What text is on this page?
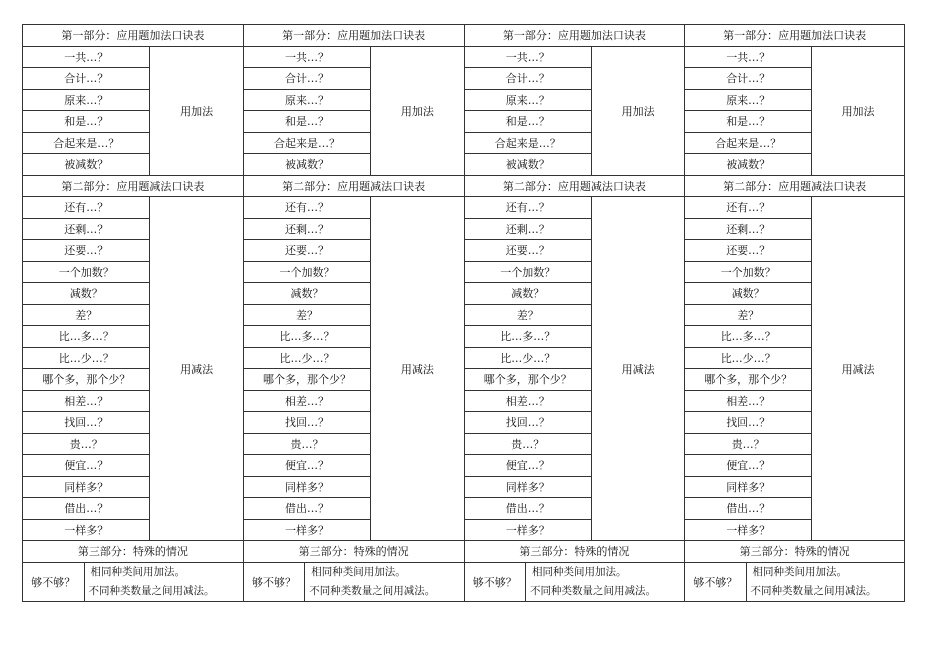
第一部分：应用题加法口诀表
一共…？
合计…？
原来…？
和是…？
合起来是…？
被减数？
用加法
第二部分：应用题减法口诀表
还有…？
还剩…？
还要…？
一个加数？
减数？
差？
比…多…？
比…少…？
哪个多，那个少？
相差…？
找回…？
贵…？
便宜…？
同样多？
借出…？
一样多？
用减法
第三部分：特殊的情况
够不够？
相同种类间用加法。
不同种类数量之间用减法。
第一部分：应用题加法口诀表
一共…？
合计…？
原来…？
和是…？
合起来是…？
被减数？
用加法
第二部分：应用题减法口诀表
还有…？
还剩…？
还要…？
一个加数？
减数？
差？
比…多…？
比…少…？
哪个多，那个少？
相差…？
找回…？
贵…？
便宜…？
同样多？
借出…？
一样多？
用减法
第三部分：特殊的情况
够不够？
相同种类间用加法。
不同种类数量之间用减法。
第一部分：应用题加法口诀表
一共…？
合计…？
原来…？
和是…？
合起来是…？
被减数？
用加法
第二部分：应用题减法口诀表
还有…？
还剩…？
还要…？
一个加数？
减数？
差？
比…多…？
比…少…？
哪个多，那个少？
相差…？
找回…？
贵…？
便宜…？
同样多？
借出…？
一样多？
用减法
第三部分：特殊的情况
够不够？
相同种类间用加法。
不同种类数量之间用减法。
第一部分：应用题加法口诀表
一共…？
合计…？
原来…？
和是…？
合起来是…？
被减数？
用加法
第二部分：应用题减法口诀表
还有…？
还剩…？
还要…？
一个加数？
减数？
差？
比…多…？
比…少…？
哪个多，那个少？
相差…？
找回…？
贵…？
便宜…？
同样多？
借出…？
一样多？
用减法
第三部分：特殊的情况
够不够？
相同种类间用加法。
不同种类数量之间用减法。
